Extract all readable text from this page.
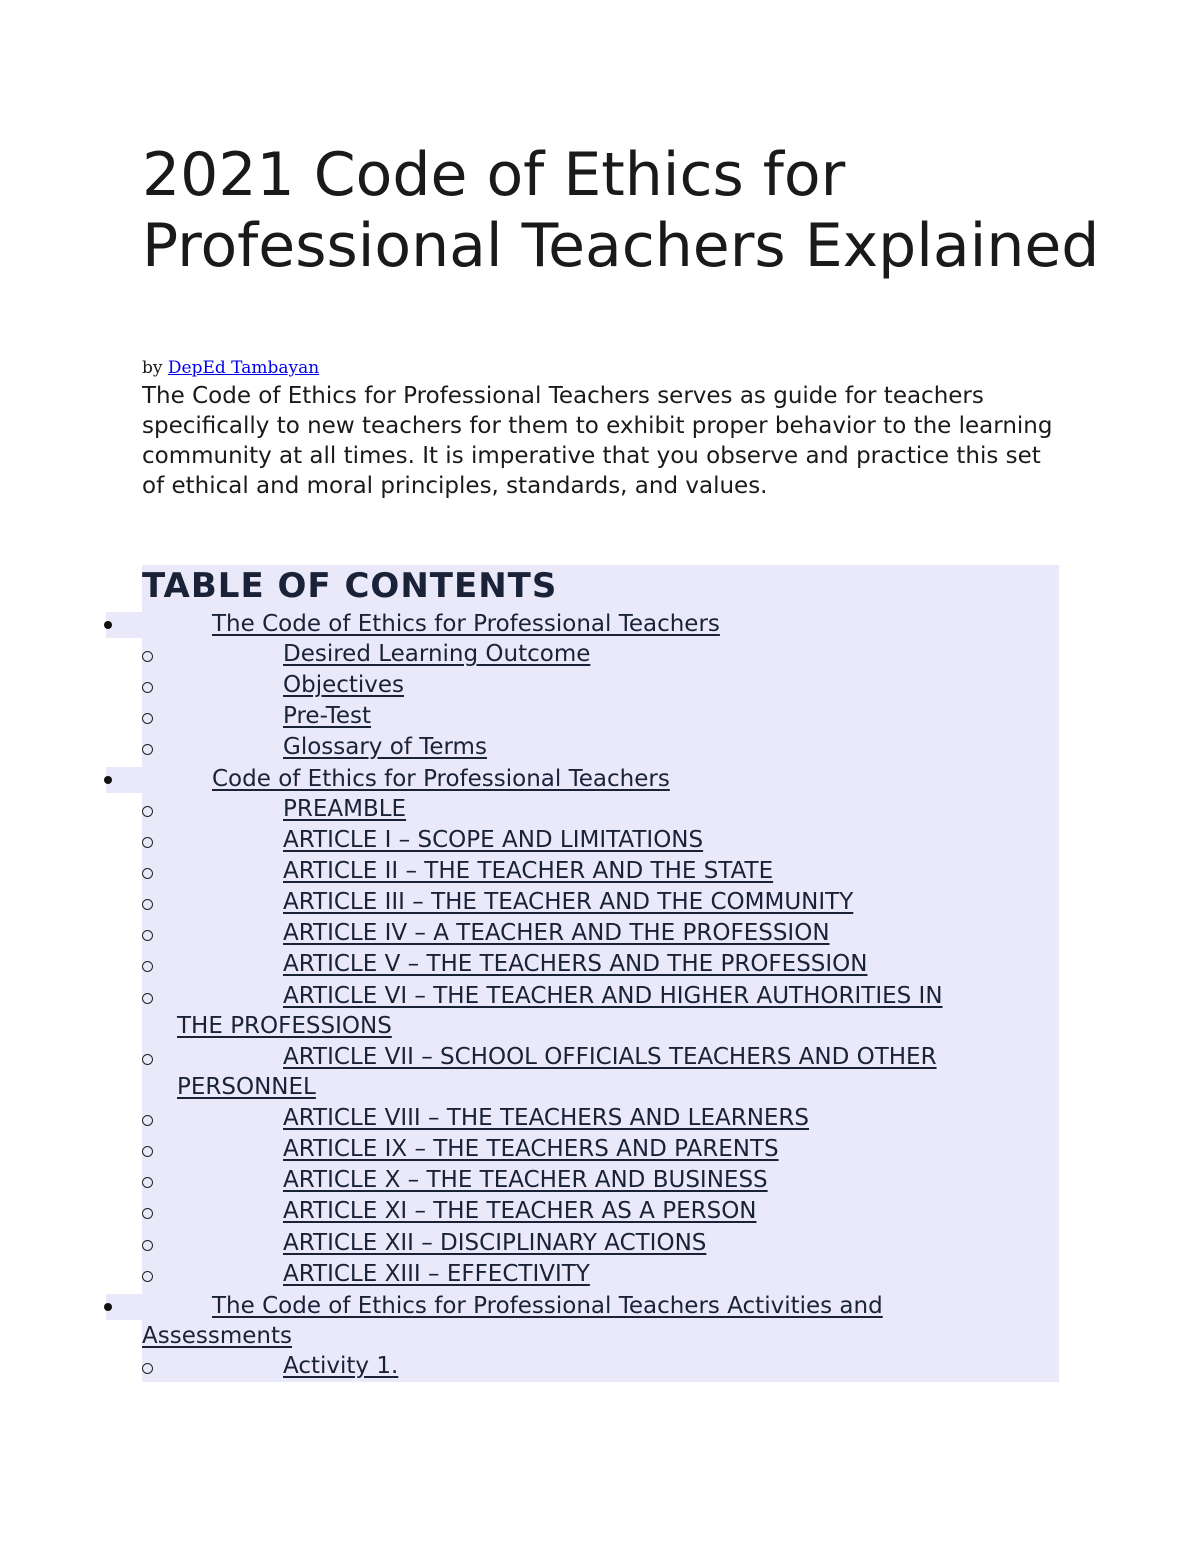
2021 Code of Ethics for Professional Teachers Explained
by DepEd Tambayan

The Code of Ethics for Professional Teachers serves as guide for teachers specifically to new teachers for them to exhibit proper behavior to the learning community at all times. It is imperative that you observe and practice this set of ethical and moral principles, standards, and values.

TABLE OF CONTENTS
The Code of Ethics for Professional Teachers
Desired Learning Outcome
Objectives
Pre-Test
Glossary of Terms
Code of Ethics for Professional Teachers
PREAMBLE
ARTICLE I – SCOPE AND LIMITATIONS
ARTICLE II – THE TEACHER AND THE STATE
ARTICLE III – THE TEACHER AND THE COMMUNITY
ARTICLE IV – A TEACHER AND THE PROFESSION
ARTICLE V – THE TEACHERS AND THE PROFESSION
ARTICLE VI – THE TEACHER AND HIGHER AUTHORITIES IN
THE PROFESSIONS
ARTICLE VII – SCHOOL OFFICIALS TEACHERS AND OTHER
PERSONNEL
ARTICLE VIII – THE TEACHERS AND LEARNERS
ARTICLE IX – THE TEACHERS AND PARENTS
ARTICLE X – THE TEACHER AND BUSINESS
ARTICLE XI – THE TEACHER AS A PERSON
ARTICLE XII – DISCIPLINARY ACTIONS
ARTICLE XIII – EFFECTIVITY
The Code of Ethics for Professional Teachers Activities and
Assessments
Activity 1.
